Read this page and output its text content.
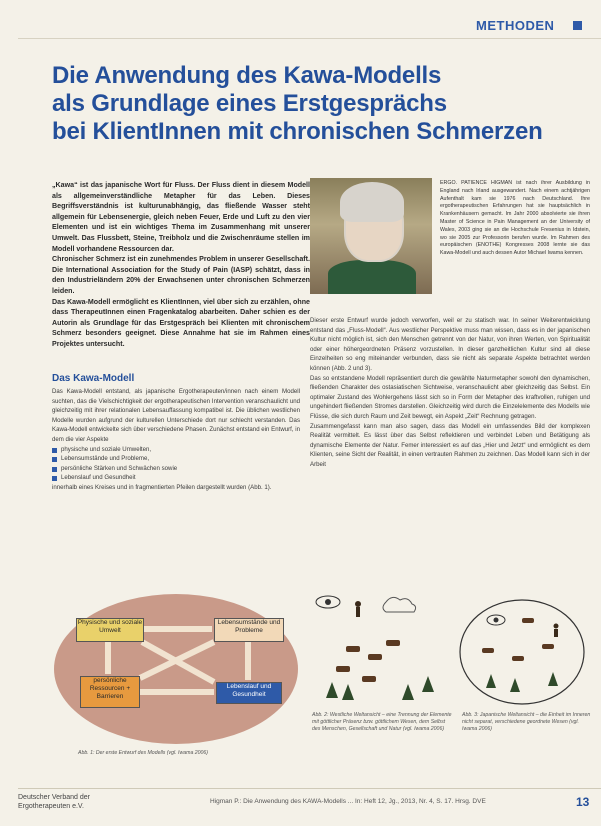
METHODEN
Die Anwendung des Kawa-Modells
als Grundlage eines Erstgesprächs
bei KlientInnen mit chronischen Schmerzen

„Kawa“ ist das japanische Wort für Fluss. Der Fluss dient in diesem Modell als allgemeinverständliche Metapher für das Leben. Dieses Begriffsverständnis ist kulturunabhängig, das fließende Wasser steht allgemein für Lebensenergie, gleich neben Feuer, Erde und Luft zu den vier Elementen und ist ein wichtiges Thema im Zusammenhang mit unserer Umwelt. Das Flussbett, Steine, Treibholz und die Zwischenräume stellen im Modell vorhandene Ressourcen dar.

Chronischer Schmerz ist ein zunehmendes Problem in unserer Gesellschaft. Die International Association for the Study of Pain (IASP) schätzt, dass in den Industrieländern 20% der Erwachsenen unter chronischen Schmerzen leiden.

Das Kawa-Modell ermöglicht es KlientInnen, viel über sich zu erzählen, ohne dass TherapeutInnen einen Fragenkatalog abarbeiten. Daher schien es der Autorin als Grundlage für das Erstgespräch bei Klienten mit chronischem Schmerz besonders geeignet. Diese Annahme hat sie im Rahmen eines Projektes untersucht.

ERGO. PATIENCE HIGMAN ist nach ihrer Ausbildung in England nach Irland ausgewandert. Nach einem achtjährigen Aufenthalt kam sie 1976 nach Deutschland. Ihre ergotherapeutischen Erfahrungen hat sie hauptsächlich in Krankenhäusern gemacht. Im Jahr 2000 absolvierte sie ihren Master of Science in Pain Management an der University of Wales, 2003 ging sie an die Hochschule Fresenius in Idstein, wo sie 2005 zur Professorin berufen wurde. Im Rahmen des europäischen (ENOTHE) Kongresses 2008 lernte sie das Kawa-Modell und auch dessen Autor Michael Iwama kennen.
Das Kawa-Modell

Das Kawa-Modell entstand, als japanische Ergotherapeuten/innen nach einem Modell suchten, das die Vielschichtigkeit der ergotherapeutischen Intervention veranschaulicht und gleichzeitig mit ihrer relationalen Lebensauffassung kompatibel ist. Die üblichen westlichen Modelle wurden aufgrund der kulturellen Unterschiede dort nur schlecht verstanden. Das Kawa-Modell entwickelte sich über verschiedene Phasen. Zunächst entstand ein Entwurf, in dem die vier Aspekte

physische und soziale Umwelten,
Lebensumstände und Probleme,
persönliche Stärken und Schwächen sowie
Lebenslauf und Gesundheit

innerhalb eines Kreises und in fragmentierten Pfeilen dargestellt wurden (Abb. 1).

Dieser erste Entwurf wurde jedoch verworfen, weil er zu statisch war. In seiner Weiterentwicklung entstand das „Fluss-Modell“. Aus westlicher Perspektive muss man wissen, dass es in der japanischen Kultur nicht möglich ist, sich den Menschen getrennt von der Natur, von ihren Werten, von Spiritualität oder einer höhergeordneten Präsenz vorzustellen. In dieser ganzheitlichen Kultur sind all diese Einzelheiten so eng miteinander verbunden, dass sie nicht als separate Aspekte betrachtet werden können (Abb. 2 und 3).

Das so entstandene Modell repräsentiert durch die gewählte Naturmetapher sowohl den dynamischen, fließenden Charakter des ostasiatischen Sichtweise, veranschaulicht aber gleichzeitig das Selbst. Ein optimaler Zustand des Wohlergehens lässt sich so in Form der Metapher des kraftvollen, ruhigen und ungehindert fließenden Stromes darstellen. Gleichzeitig wird durch die Einzelelemente des Modells wie Flüsse, die sich durch Raum und Zeit bewegt, ein Aspekt „Zeit“ Rechnung getragen.

Zusammengefasst kann man also sagen, dass das Modell ein umfassendes Bild der komplexen Realität vermittelt. Es lässt über das Selbst reflektieren und verbindet Leben und Betätigung als dynamische Elemente der Natur. Femer interessiert es auf das „Hier und Jetzt“ und ermöglicht es dem Klienten, seine Sicht der Realität, in einen vertrauten Rahmen zu zeichnen. Das Modell kann sich in der Arbeit

Physische und soziale Umwelt
Lebensumstände und Probleme
persönliche Ressourcen + Barrieren
Lebenslauf und Gesundheit
Abb. 1: Der erste Entwurf des Modells (vgl. Iwama 2006)
Abb. 2: Westliche Weltansicht – eine Trennung der Elemente mit göttlicher Präsenz bzw. göttlichem Wesen, dem Selbst des Menschen, Gesellschaft und Natur (vgl. Iwama 2006)
Abb. 3: Japanische Weltansicht – die Einheit im Inneren nicht separat, verschiedene geordnete Wesen (vgl. Iwama 2006)
Deutscher Verband der
Ergotherapeuten e.V.
Higman P.: Die Anwendung des KAWA-Modells ... In: Heft 12, Jg., 2013, Nr. 4, S. 17. Hrsg. DVE	13
